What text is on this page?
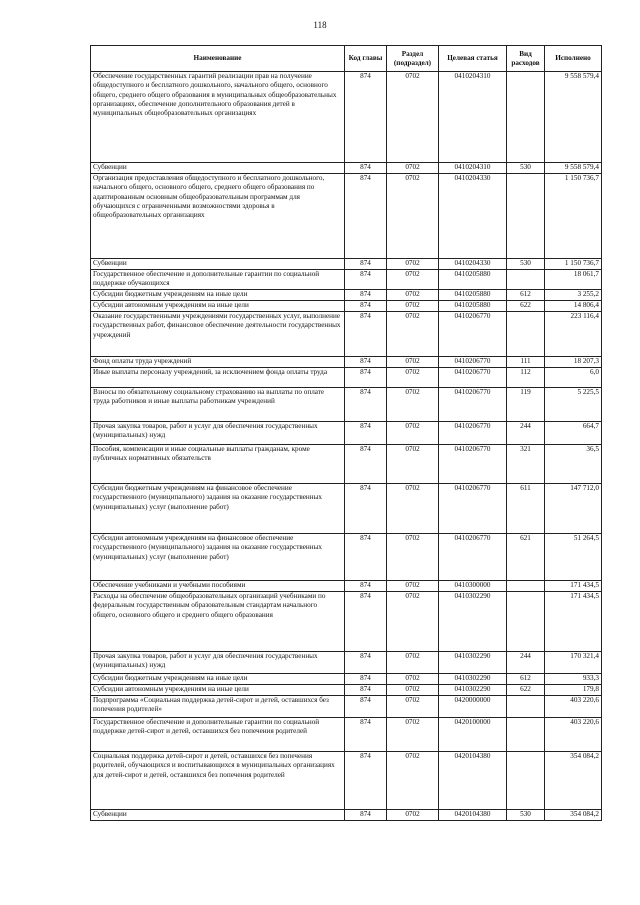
118
Наименование	Код главы	Раздел (подраздел)	Целевая статья	Вид расходов	Исполнено
Обеспечение государственных гарантий реализации прав на получение общедоступного и бесплатного дошкольного, начального общего, основного общего, среднего общего образования в муниципальных общеобразовательных организациях, обеспечение дополнительного образования детей в муниципальных общеобразовательных организациях	874	0702	0410204310		9 558 579,4
Субвенции	874	0702	0410204310	530	9 558 579,4
Организация предоставления общедоступного и бесплатного дошкольного, начального общего, основного общего, среднего общего образования по адаптированным основным общеобразовательным программам для обучающихся с ограниченными возможностями здоровья в общеобразовательных организациях	874	0702	0410204330		1 150 736,7
Субвенции	874	0702	0410204330	530	1 150 736,7
Государственное обеспечение и дополнительные гарантии по социальной поддержке обучающихся	874	0702	0410205880		18 061,7
Субсидии бюджетным учреждениям на иные цели	874	0702	0410205880	612	3 255,2
Субсидии автономным учреждениям на иные цели	874	0702	0410205880	622	14 806,4
Оказание государственными учреждениями государственных услуг, выполнение государственных работ, финансовое обеспечение деятельности государственных учреждений	874	0702	0410206770		223 116,4
Фонд оплаты труда учреждений	874	0702	0410206770	111	18 207,3
Иные выплаты персоналу учреждений, за исключением фонда оплаты труда	874	0702	0410206770	112	6,0
Взносы по обязательному социальному страхованию на выплаты по оплате труда работников и иные выплаты работникам учреждений	874	0702	0410206770	119	5 225,5
Прочая закупка товаров, работ и услуг для обеспечения государственных (муниципальных) нужд	874	0702	0410206770	244	664,7
Пособия, компенсации и иные социальные выплаты гражданам, кроме публичных нормативных обязательств	874	0702	0410206770	321	36,5
Субсидии бюджетным учреждениям на финансовое обеспечение государственного (муниципального) задания на оказание государственных (муниципальных) услуг (выполнение работ)	874	0702	0410206770	611	147 712,0
Субсидии автономным учреждениям на финансовое обеспечение государственного (муниципального) задания на оказание государственных (муниципальных) услуг (выполнение работ)	874	0702	0410206770	621	51 264,5
Обеспечение учебниками и учебными пособиями	874	0702	0410300000		171 434,5
Расходы на обеспечение общеобразовательных организаций учебниками по федеральным государственным образовательным стандартам начального общего, основного общего и среднего общего образования	874	0702	0410302290		171 434,5
Прочая закупка товаров, работ и услуг для обеспечения государственных (муниципальных) нужд	874	0702	0410302290	244	170 321,4
Субсидии бюджетным учреждениям на иные цели	874	0702	0410302290	612	933,3
Субсидии автономным учреждениям на иные цели	874	0702	0410302290	622	179,8
Подпрограмма «Социальная поддержка детей-сирот и детей, оставшихся без попечения родителей»	874	0702	0420000000		403 220,6
Государственное обеспечение и дополнительные гарантии по социальной поддержке детей-сирот и детей, оставшихся без попечения родителей	874	0702	0420100000		403 220,6
Социальная поддержка детей-сирот и детей, оставшихся без попечения родителей, обучающихся и воспитывающихся в муниципальных организациях для детей-сирот и детей, оставшихся без попечения родителей	874	0702	0420104380		354 084,2
Субвенции	874	0702	0420104380	530	354 084,2
